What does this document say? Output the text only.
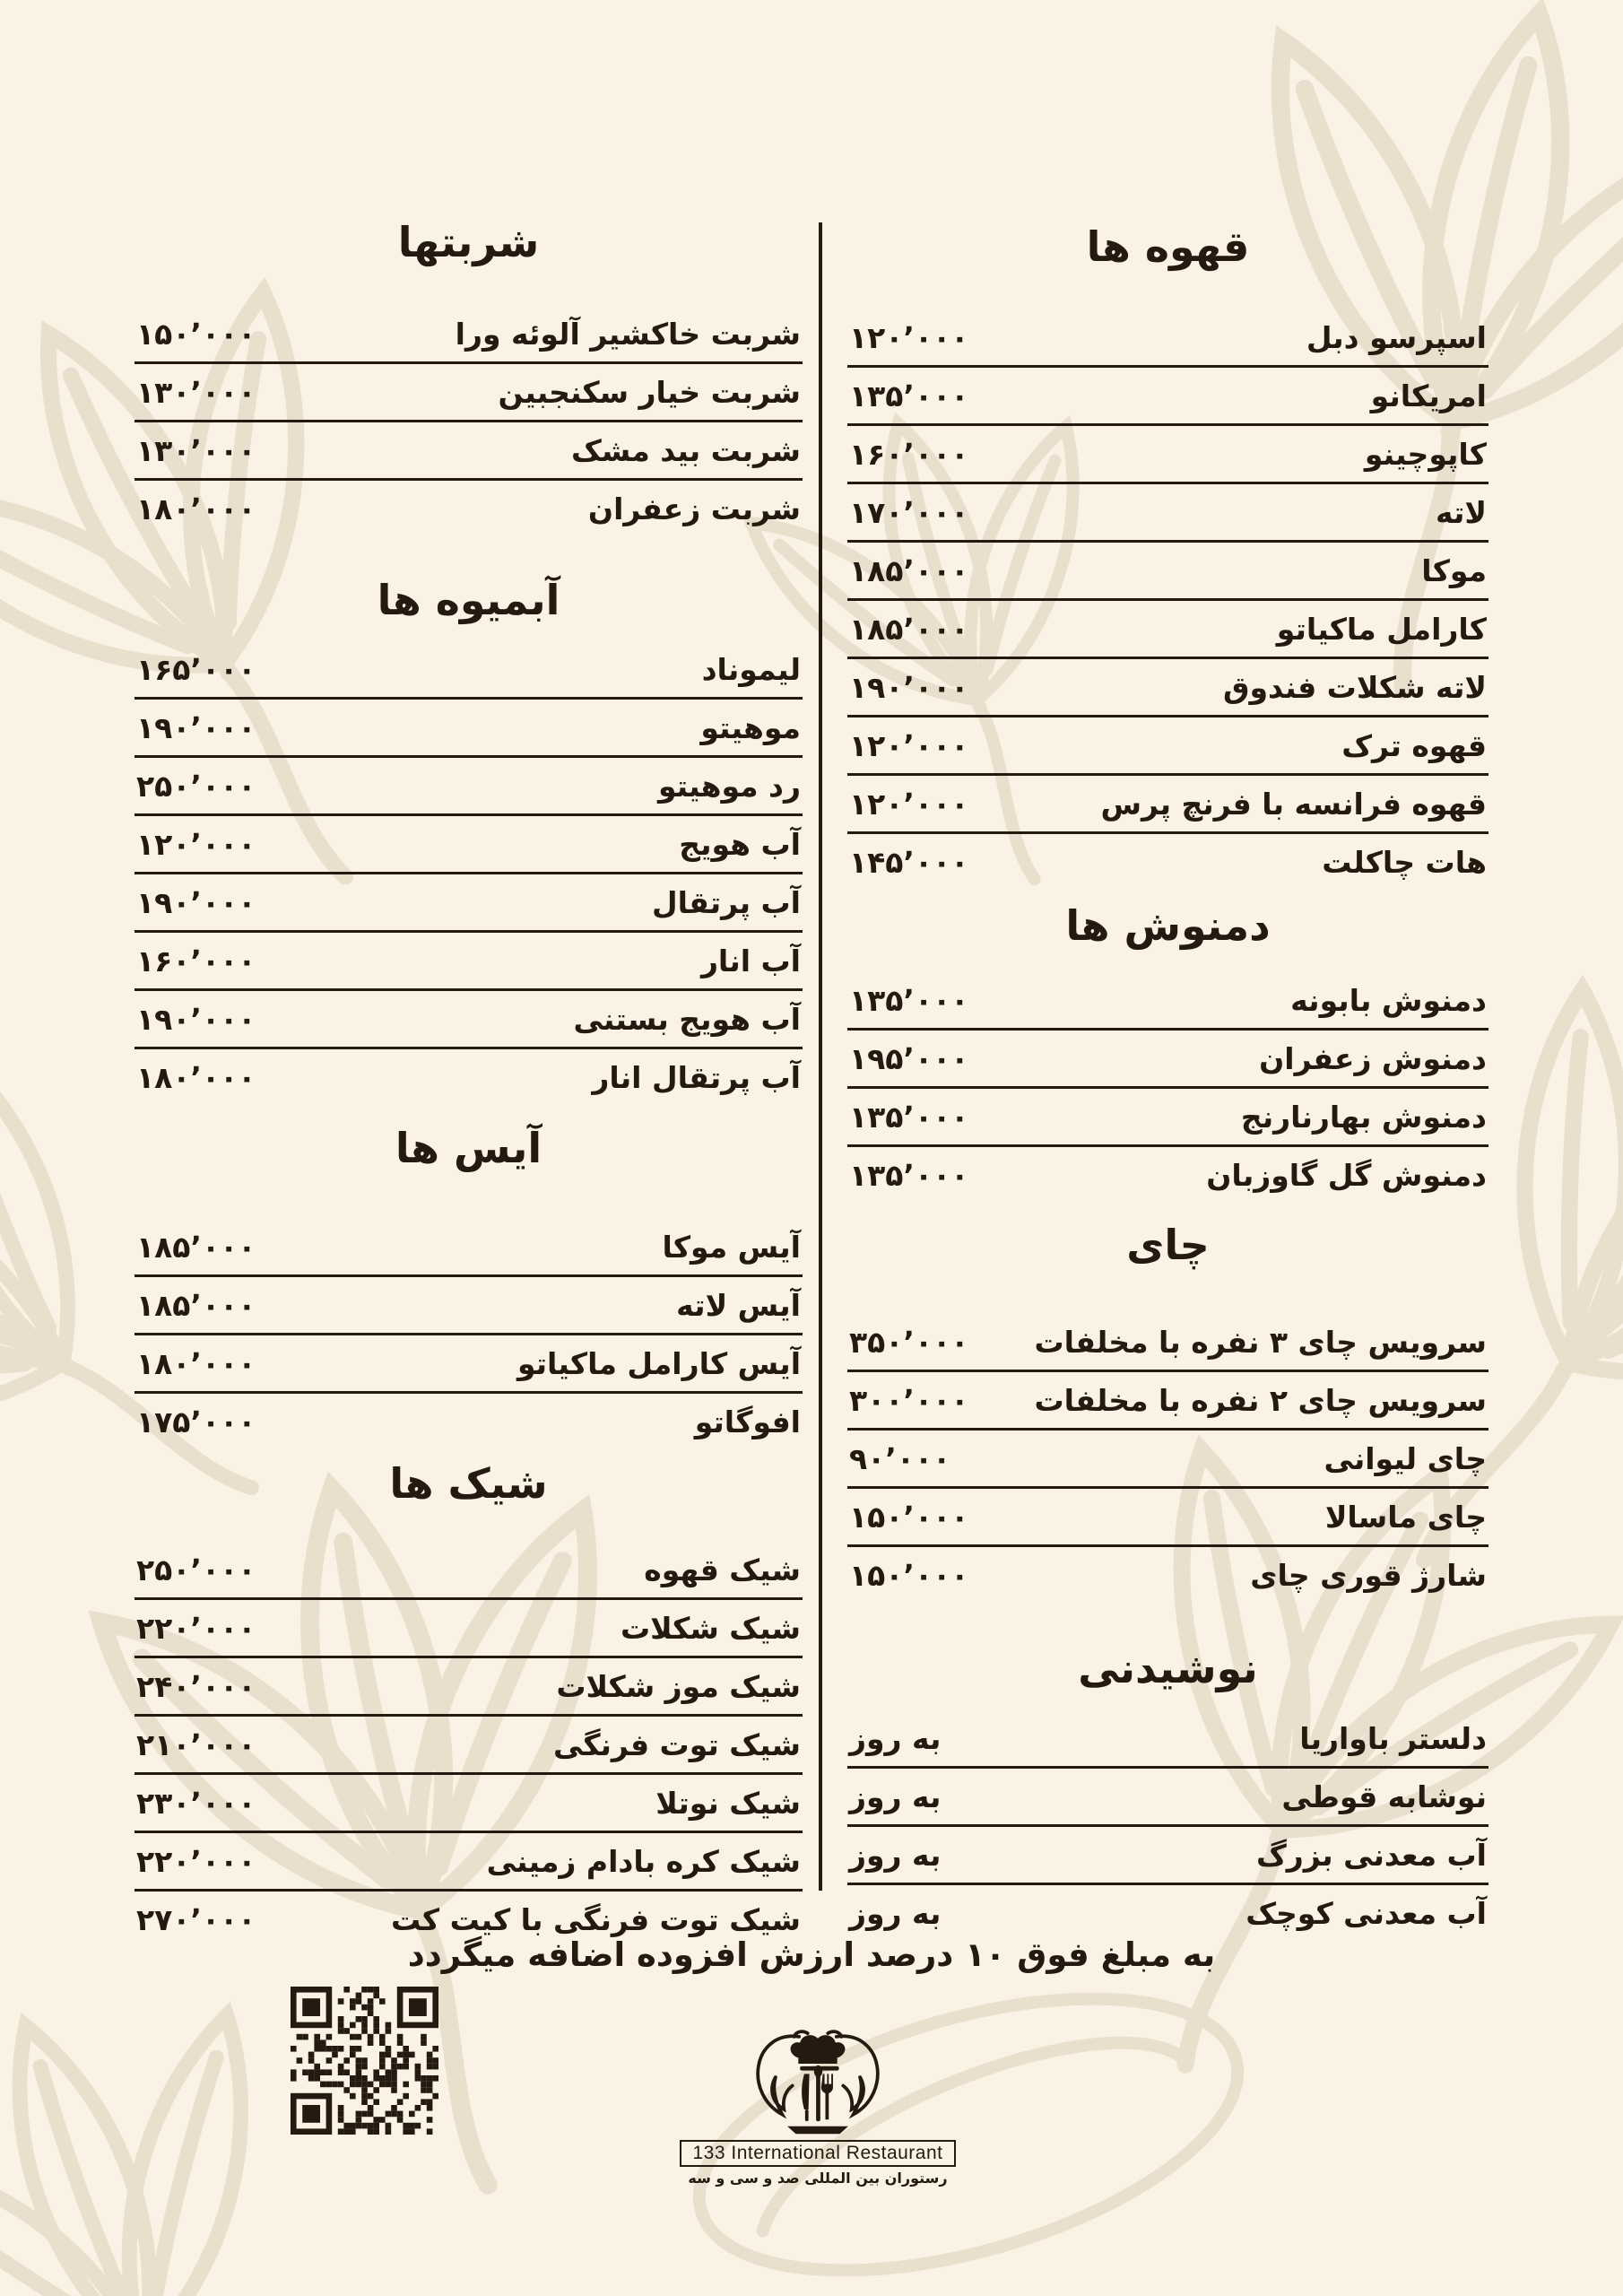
قهوه ها
اسپرسو دبل
۱۲۰٬۰۰۰
امریکانو
۱۳۵٬۰۰۰
کاپوچینو
۱۶۰٬۰۰۰
لاته
۱۷۰٬۰۰۰
موکا
۱۸۵٬۰۰۰
کارامل ماکیاتو
۱۸۵٬۰۰۰
لاته شکلات فندوق
۱۹۰٬۰۰۰
قهوه ترک
۱۲۰٬۰۰۰
قهوه فرانسه با فرنچ پرس
۱۲۰٬۰۰۰
هات چاکلت
۱۴۵٬۰۰۰
دمنوش ها
دمنوش بابونه
۱۳۵٬۰۰۰
دمنوش زعفران
۱۹۵٬۰۰۰
دمنوش بهارنارنج
۱۳۵٬۰۰۰
دمنوش گل گاوزبان
۱۳۵٬۰۰۰
چای
سرویس چای ۳ نفره با مخلفات
۳۵۰٬۰۰۰
سرویس چای ۲ نفره با مخلفات
۳۰۰٬۰۰۰
چای لیوانی
۹۰٬۰۰۰
چای ماسالا
۱۵۰٬۰۰۰
شارژ قوری چای
۱۵۰٬۰۰۰
نوشیدنی
دلستر باواریا
به روز
نوشابه قوطی
به روز
آب معدنی بزرگ
به روز
آب معدنی کوچک
به روز
شربتها
شربت خاکشیر آلوئه ورا
۱۵۰٬۰۰۰
شربت خیار سکنجبین
۱۳۰٬۰۰۰
شربت بید مشک
۱۳۰٬۰۰۰
شربت زعفران
۱۸۰٬۰۰۰
آبمیوه ها
لیموناد
۱۶۵٬۰۰۰
موهیتو
۱۹۰٬۰۰۰
رد موهیتو
۲۵۰٬۰۰۰
آب هویج
۱۲۰٬۰۰۰
آب پرتقال
۱۹۰٬۰۰۰
آب انار
۱۶۰٬۰۰۰
آب هویج بستنی
۱۹۰٬۰۰۰
آب پرتقال انار
۱۸۰٬۰۰۰
آیس ها
آیس موکا
۱۸۵٬۰۰۰
آیس لاته
۱۸۵٬۰۰۰
آیس کارامل ماکیاتو
۱۸۰٬۰۰۰
افوگاتو
۱۷۵٬۰۰۰
شیک ها
شیک قهوه
۲۵۰٬۰۰۰
شیک شکلات
۲۲۰٬۰۰۰
شیک موز شکلات
۲۴۰٬۰۰۰
شیک توت فرنگی
۲۱۰٬۰۰۰
شیک نوتلا
۲۳۰٬۰۰۰
شیک کره بادام زمینی
۲۲۰٬۰۰۰
شیک توت فرنگی با کیت کت
۲۷۰٬۰۰۰
به مبلغ فوق ۱۰ درصد ارزش افزوده اضافه میگردد
133 International Restaurant
رستوران بین المللی صد و سی و سه
